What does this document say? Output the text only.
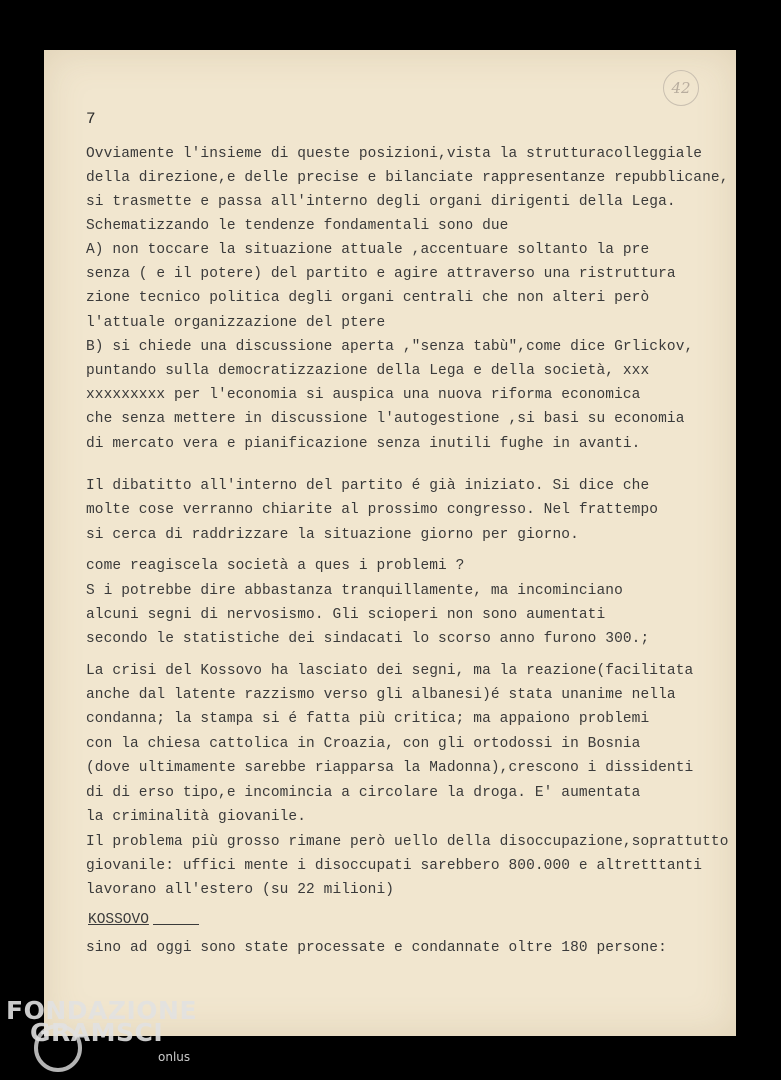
42
7
Ovviamente l'insieme di queste posizioni,vista la strutturacolleggiale
della direzione,e delle precise e bilanciate rappresentanze repubblicane,
si trasmette e passa all'interno degli organi dirigenti della Lega.
Schematizzando le tendenze fondamentali sono due
A) non toccare la situazione attuale ,accentuare soltanto la pre
senza ( e il potere) del partito e agire attraverso una ristruttura
zione tecnico politica degli organi centrali che non alteri però
l'attuale organizzazione del ptere
B) si chiede una discussione aperta ,"senza tabù",come dice Grlickov,
puntando sulla democratizzazione della Lega e della società, xxx
xxxxxxxxx per l'economia si auspica una nuova riforma economica
che senza mettere in discussione l'autogestione ,si basi su economia
di mercato vera e pianificazione senza inutili fughe in avanti.
Il dibatitto all'interno del partito é già iniziato. Si dice che
molte cose verranno chiarite al prossimo congresso. Nel frattempo
si cerca di raddrizzare la situazione giorno per giorno.
come reagiscela società a ques i problemi ?
S i potrebbe dire abbastanza tranquillamente, ma incominciano
alcuni segni di nervosismo. Gli scioperi non sono aumentati
secondo le statistiche dei sindacati lo scorso anno furono 300.;
La crisi del Kossovo ha lasciato dei segni, ma la reazione(facilitata
anche dal latente razzismo verso gli albanesi)é stata unanime nella
condanna; la stampa si é fatta più critica; ma appaiono problemi
con la chiesa cattolica in Croazia, con gli ortodossi in Bosnia
(dove ultimamente sarebbe riapparsa la Madonna),crescono i dissidenti
di di erso tipo,e incomincia a circolare la droga. E' aumentata
la criminalità giovanile.
Il problema più grosso rimane però uello della disoccupazione,soprattutto
giovanile: uffici mente i disoccupati sarebbero 800.000 e altretttanti
lavorano all'estero (su 22 milioni)
KOSSOVO
sino ad oggi sono state processate e condannate oltre 180 persone:
FONDAZIONE
GRAMSCI
onlus
